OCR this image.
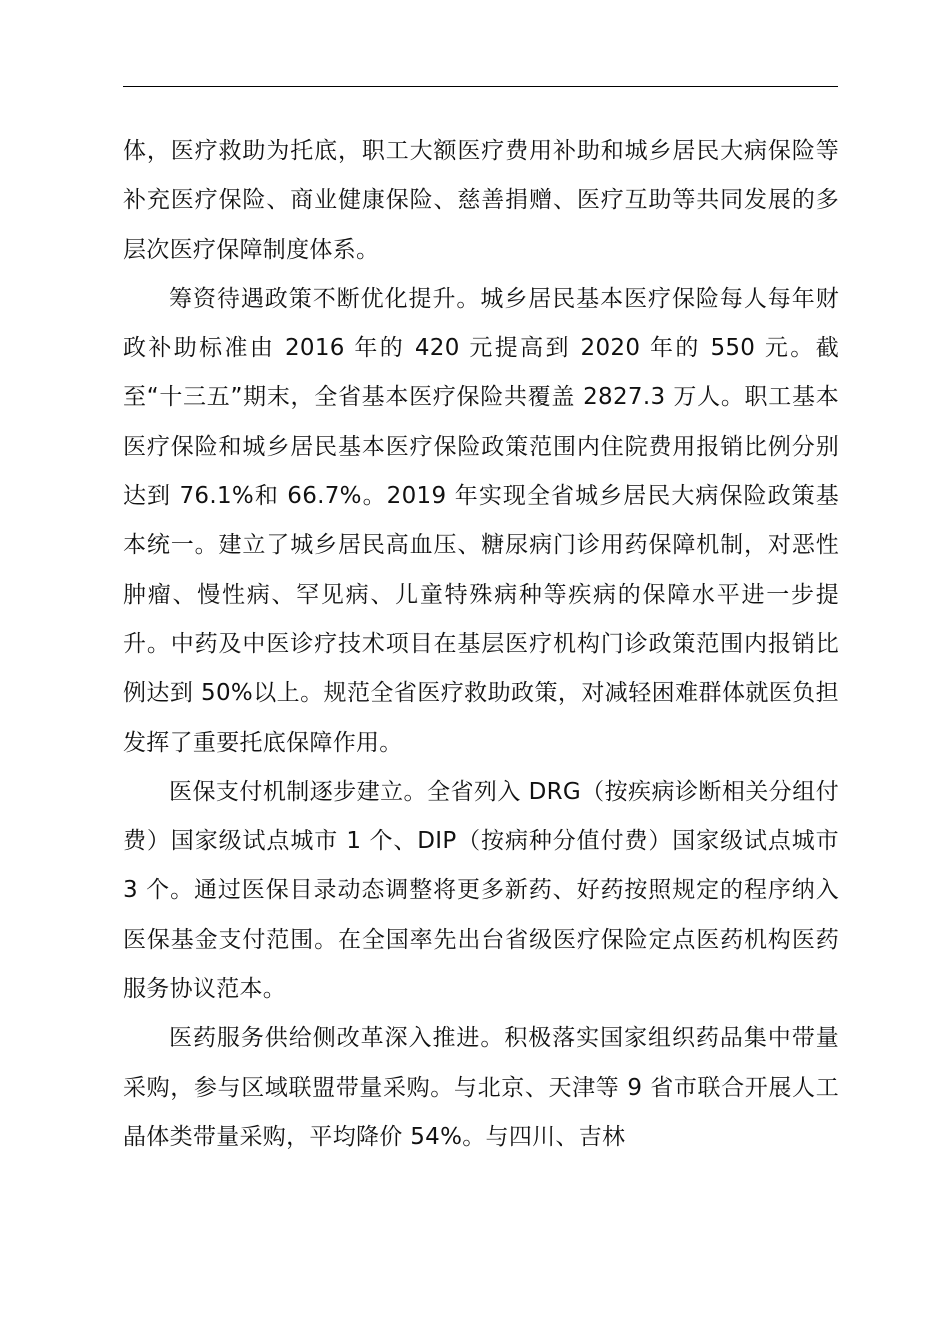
体，医疗救助为托底，职工大额医疗费用补助和城乡居民大病保险等补充医疗保险、商业健康保险、慈善捐赠、医疗互助等共同发展的多层次医疗保障制度体系。

筹资待遇政策不断优化提升。城乡居民基本医疗保险每人每年财政补助标准由 2016 年的 420 元提高到 2020 年的 550 元。截至“十三五”期末，全省基本医疗保险共覆盖 2827.3 万人。职工基本医疗保险和城乡居民基本医疗保险政策范围内住院费用报销比例分别达到 76.1%和 66.7%。2019 年实现全省城乡居民大病保险政策基本统一。建立了城乡居民高血压、糖尿病门诊用药保障机制，对恶性肿瘤、慢性病、罕见病、儿童特殊病种等疾病的保障水平进一步提升。中药及中医诊疗技术项目在基层医疗机构门诊政策范围内报销比例达到 50%以上。规范全省医疗救助政策，对减轻困难群体就医负担发挥了重要托底保障作用。

医保支付机制逐步建立。全省列入 DRG（按疾病诊断相关分组付费）国家级试点城市 1 个、DIP（按病种分值付费）国家级试点城市 3 个。通过医保目录动态调整将更多新药、好药按照规定的程序纳入医保基金支付范围。在全国率先出台省级医疗保险定点医药机构医药服务协议范本。

医药服务供给侧改革深入推进。积极落实国家组织药品集中带量采购，参与区域联盟带量采购。与北京、天津等 9 省市联合开展人工晶体类带量采购，平均降价 54%。与四川、吉林
